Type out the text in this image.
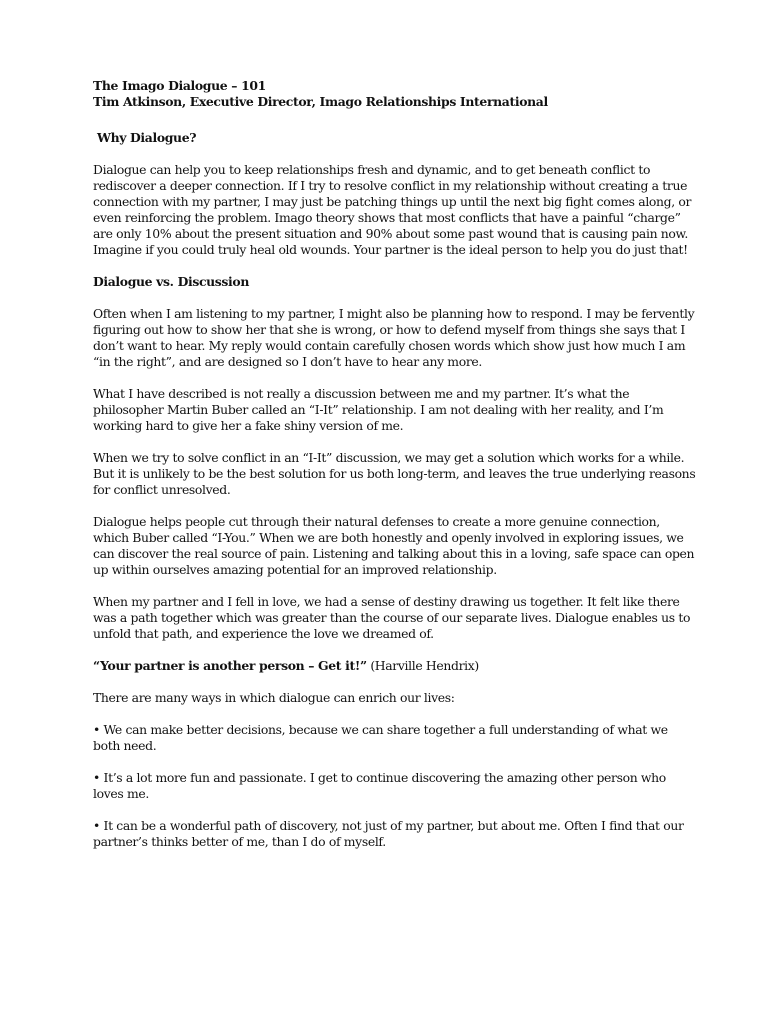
The Imago Dialogue – 101
Tim Atkinson, Executive Director, Imago Relationships International
Why Dialogue?

Dialogue can help you to keep relationships fresh and dynamic, and to get beneath conflict to rediscover a deeper connection. If I try to resolve conflict in my relationship without creating a true connection with my partner, I may just be patching things up until the next big fight comes along, or even reinforcing the problem. Imago theory shows that most conflicts that have a painful “charge” are only 10% about the present situation and 90% about some past wound that is causing pain now. Imagine if you could truly heal old wounds. Your partner is the ideal person to help you do just that!

Dialogue vs. Discussion

Often when I am listening to my partner, I might also be planning how to respond. I may be fervently figuring out how to show her that she is wrong, or how to defend myself from things she says that I don’t want to hear. My reply would contain carefully chosen words which show just how much I am “in the right”, and are designed so I don’t have to hear any more.

What I have described is not really a discussion between me and my partner. It’s what the philosopher Martin Buber called an “I-It” relationship. I am not dealing with her reality, and I’m working hard to give her a fake shiny version of me.

When we try to solve conflict in an “I-It” discussion, we may get a solution which works for a while. But it is unlikely to be the best solution for us both long-term, and leaves the true underlying reasons for conflict unresolved.

Dialogue helps people cut through their natural defenses to create a more genuine connection, which Buber called “I-You.” When we are both honestly and openly involved in exploring issues, we can discover the real source of pain. Listening and talking about this in a loving, safe space can open up within ourselves amazing potential for an improved relationship.

When my partner and I fell in love, we had a sense of destiny drawing us together. It felt like there was a path together which was greater than the course of our separate lives. Dialogue enables us to unfold that path, and experience the love we dreamed of.

“Your partner is another person – Get it!” (Harville Hendrix)

There are many ways in which dialogue can enrich our lives:

• We can make better decisions, because we can share together a full understanding of what we both need.

• It’s a lot more fun and passionate. I get to continue discovering the amazing other person who loves me.

• It can be a wonderful path of discovery, not just of my partner, but about me. Often I find that our partner’s thinks better of me, than I do of myself.
